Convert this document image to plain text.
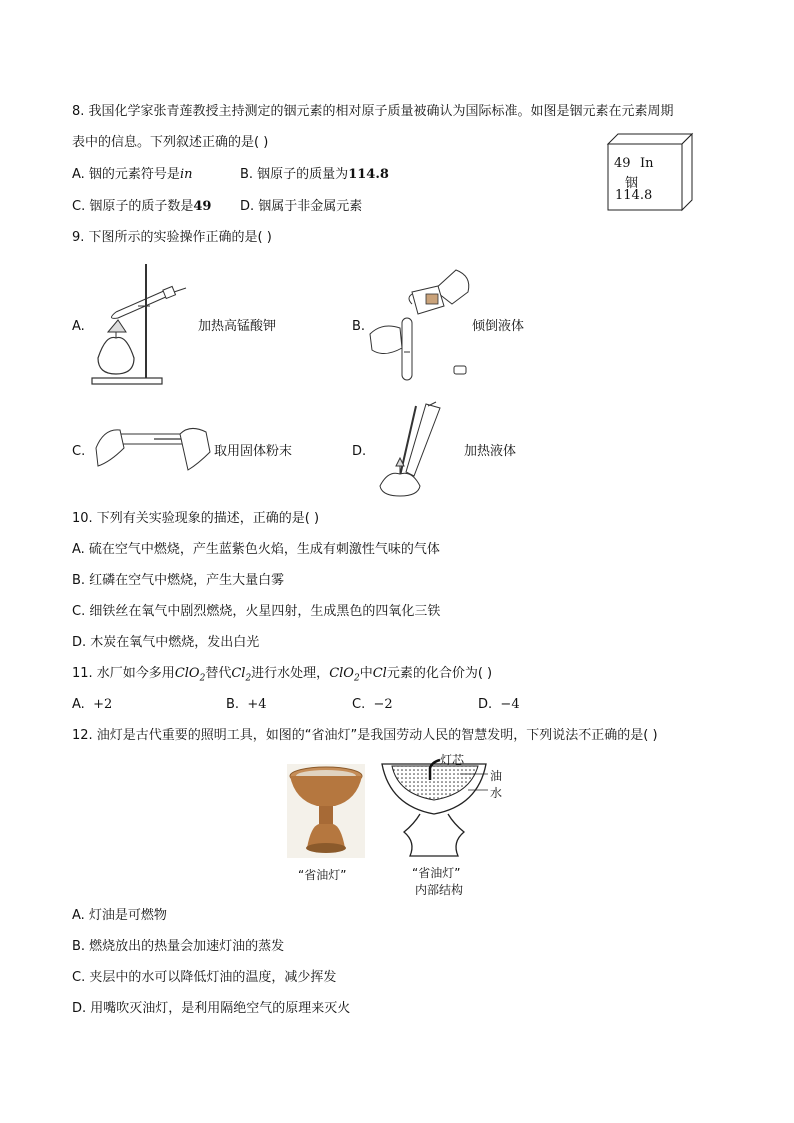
8. 我国化学家张青莲教授主持测定的铟元素的相对原子质量被确认为国际标准。如图是铟元素在元素周期
表中的信息。下列叙述正确的是( )
A. 铟的元素符号是in	B. 铟原子的质量为114.8
C. 铟原子的质子数是49 D. 铟属于非金属元素
49 In
铟
114.8
9. 下图所示的实验操作正确的是( )
A.	加热高锰酸钾	B.	倾倒液体
C.	取用固体粉末	D.	加热液体
10. 下列有关实验现象的描述，正确的是( )
A. 硫在空气中燃烧，产生蓝紫色火焰，生成有刺激性气味的气体
B. 红磷在空气中燃烧，产生大量白雾
C. 细铁丝在氧气中剧烈燃烧，火星四射，生成黑色的四氧化三铁
D. 木炭在氧气中燃烧，发出白光
11. 水厂如今多用ClO$_2$替代$Cl_2$进行水处理，ClO$_2$中Cl元素的化合价为( )
A. +2	B. +4	C. −2	D. −4
12. 油灯是古代重要的照明工具，如图的“省油灯”是我国劳动人民的智慧发明，下列说法不正确的是( )
“省油灯”
灯芯
油
水
“省油灯”
内部结构
A. 灯油是可燃物
B. 燃烧放出的热量会加速灯油的蒸发
C. 夹层中的水可以降低灯油的温度，减少挥发
D. 用嘴吹灭油灯，是利用隔绝空气的原理来灭火
